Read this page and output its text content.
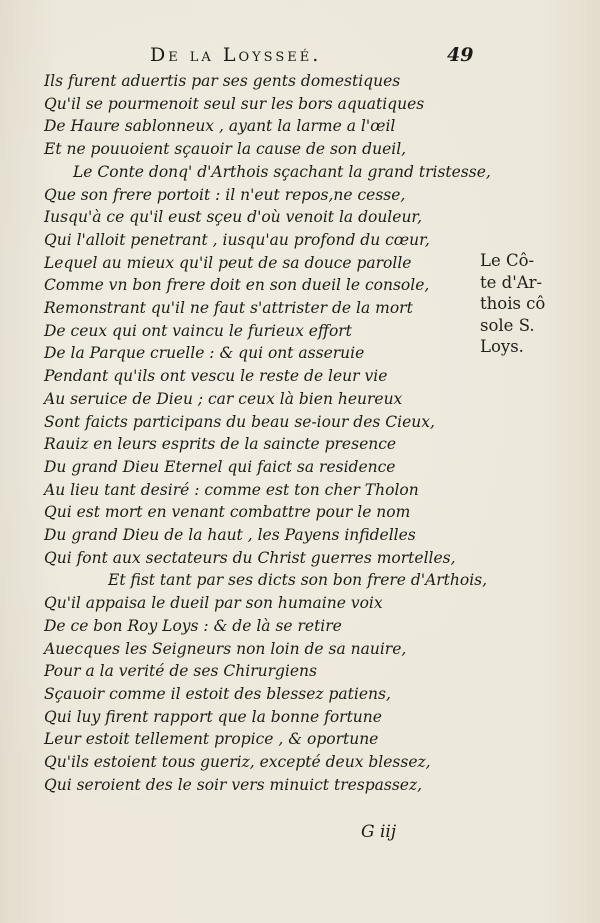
De la Loysseé.	49
Ils furent aduertis par ses gents domestiques
Qu'il se pourmenoit seul sur les bors aquatiques
De Haure sablonneux , ayant la larme a l'œil
Et ne pouuoient sçauoir la cause de son dueil,
Le Conte donq' d'Arthois sçachant la grand tristesse,
Que son frere portoit : il n'eut repos,ne cesse,
Iusqu'à ce qu'il eust sçeu d'où venoit la douleur,
Qui l'alloit penetrant , iusqu'au profond du cœur,
Lequel au mieux qu'il peut de sa douce parolle
Comme vn bon frere doit en son dueil le console,
Remonstrant qu'il ne faut s'attrister de la mort
De ceux qui ont vaincu le furieux effort
De la Parque cruelle : & qui ont asseruie
Pendant qu'ils ont vescu le reste de leur vie
Au seruice de Dieu ; car ceux là bien heureux
Sont faicts participans du beau se-iour des Cieux,
Rauiz en leurs esprits de la saincte presence
Du grand Dieu Eternel qui faict sa residence
Au lieu tant desiré : comme est ton cher Tholon
Qui est mort en venant combattre pour le nom
Du grand Dieu de la haut , les Payens infidelles
Qui font aux sectateurs du Christ guerres mortelles,
Et fist tant par ses dicts son bon frere d'Arthois,
Qu'il appaisa le dueil par son humaine voix
De ce bon Roy Loys : & de là se retire
Auecques les Seigneurs non loin de sa nauire,
Pour a la verité de ses Chirurgiens
Sçauoir comme il estoit des blessez patiens,
Qui luy firent rapport que la bonne fortune
Leur estoit tellement propice , & oportune
Qu'ils estoient tous gueriz, excepté deux blessez,
Qui seroient des le soir vers minuict trespassez,
Le Cô-
te d'Ar-
thois cô
sole S.
Loys.
G iij
